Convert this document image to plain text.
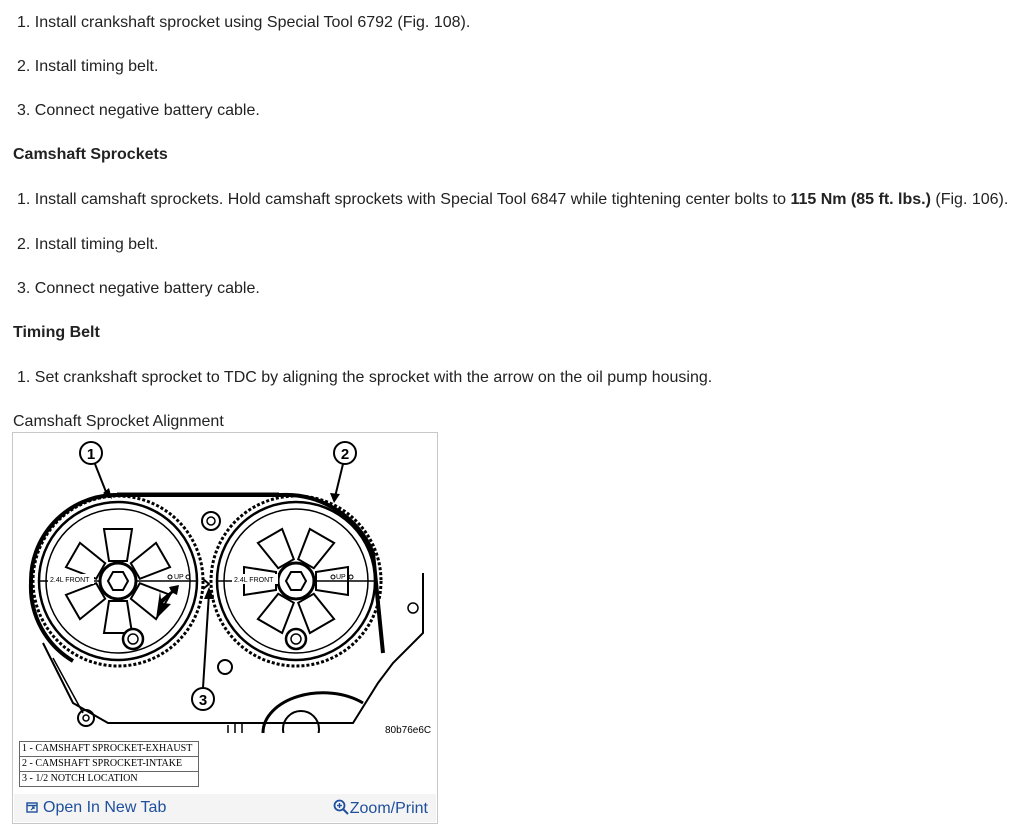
1. Install crankshaft sprocket using Special Tool 6792 (Fig. 108).
2. Install timing belt.
3. Connect negative battery cable.
Camshaft Sprockets
1. Install camshaft sprockets. Hold camshaft sprockets with Special Tool 6847 while tightening center bolts to 115 Nm (85 ft. lbs.) (Fig. 106).
2. Install timing belt.
3. Connect negative battery cable.
Timing Belt
1. Set crankshaft sprocket to TDC by aligning the sprocket with the arrow on the oil pump housing.
Camshaft Sprocket Alignment
2.4L FRONT	UP	2.4L FRONT	UP
1	2
3
80b76e6C
1 - CAMSHAFT SPROCKET-EXHAUST
2 - CAMSHAFT SPROCKET-INTAKE
3 - 1/2 NOTCH LOCATION
Open In New Tab	Zoom/Print
